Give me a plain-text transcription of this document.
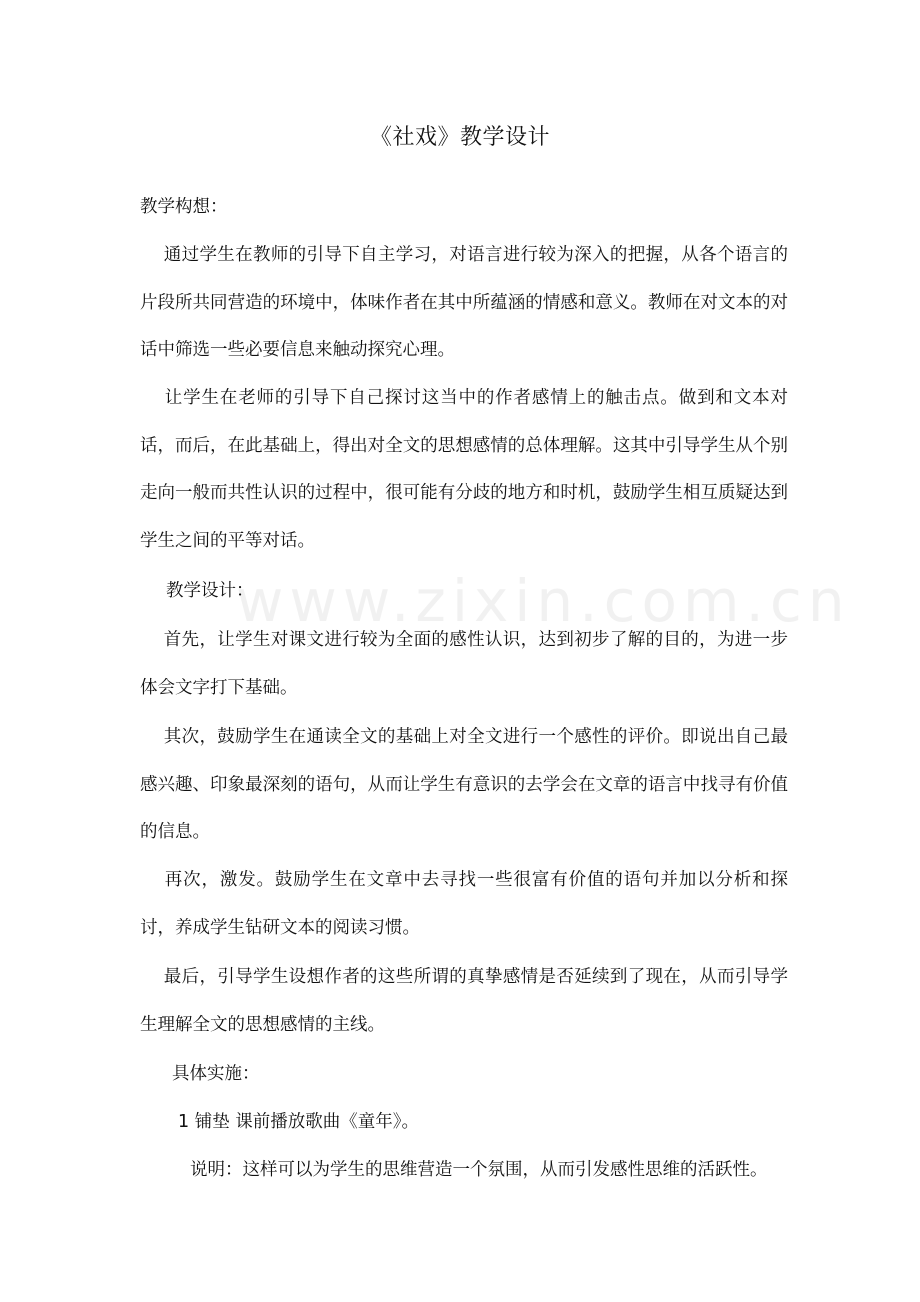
www.zixin.com.cn
《社戏》教学设计

教学构想：

　 通过学生在教师的引导下自主学习，对语言进行较为深入的把握，从各个语言的片段所共同营造的环境中，体味作者在其中所蕴涵的情感和意义。教师在对文本的对话中筛选一些必要信息来触动探究心理。

　 让学生在老师的引导下自己探讨这当中的作者感情上的触击点。做到和文本对话，而后，在此基础上，得出对全文的思想感情的总体理解。这其中引导学生从个别走向一般而共性认识的过程中，很可能有分歧的地方和时机，鼓励学生相互质疑达到学生之间的平等对话。

教学设计：

　 首先，让学生对课文进行较为全面的感性认识，达到初步了解的目的，为进一步体会文字打下基础。

　 其次，鼓励学生在通读全文的基础上对全文进行一个感性的评价。即说出自己最感兴趣、印象最深刻的语句，从而让学生有意识的去学会在文章的语言中找寻有价值的信息。

　 再次，激发。鼓励学生在文章中去寻找一些很富有价值的语句并加以分析和探讨，养成学生钻研文本的阅读习惯。

　 最后，引导学生设想作者的这些所谓的真挚感情是否延续到了现在，从而引导学生理解全文的思想感情的主线。

具体实施：

1 铺垫 课前播放歌曲《童年》。

说明：这样可以为学生的思维营造一个氛围，从而引发感性思维的活跃性。
